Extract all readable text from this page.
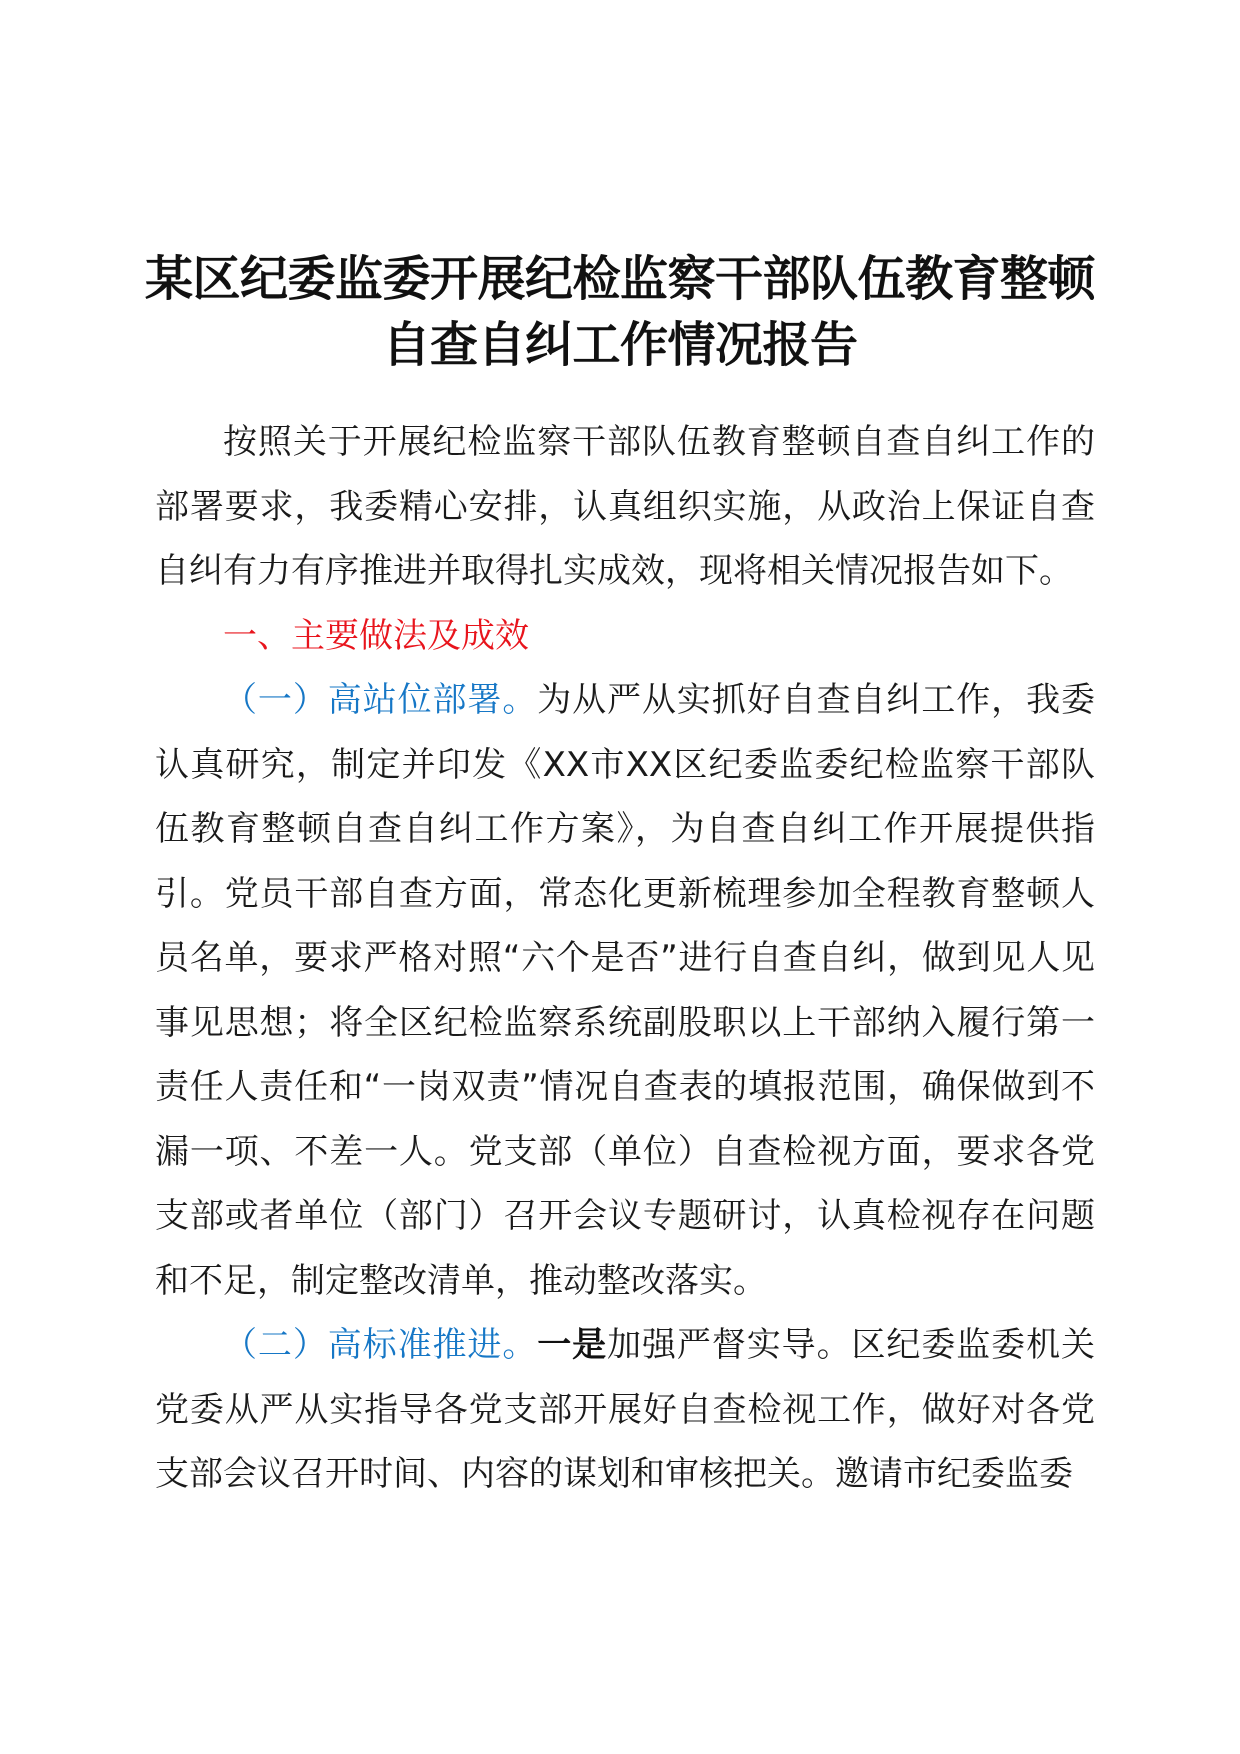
某区纪委监委开展纪检监察干部队伍教育整顿
自查自纠工作情况报告

按照关于开展纪检监察干部队伍教育整顿自查自纠工作的部署要求，我委精心安排，认真组织实施，从政治上保证自查自纠有力有序推进并取得扎实成效，现将相关情况报告如下。

一、主要做法及成效

（一）高站位部署。为从严从实抓好自查自纠工作，我委认真研究，制定并印发《XX市XX区纪委监委纪检监察干部队伍教育整顿自查自纠工作方案》，为自查自纠工作开展提供指引。党员干部自查方面，常态化更新梳理参加全程教育整顿人员名单，要求严格对照“六个是否”进行自查自纠，做到见人见事见思想；将全区纪检监察系统副股职以上干部纳入履行第一责任人责任和“一岗双责”情况自查表的填报范围，确保做到不漏一项、不差一人。党支部（单位）自查检视方面，要求各党支部或者单位（部门）召开会议专题研讨，认真检视存在问题和不足，制定整改清单，推动整改落实。

（二）高标准推进。一是加强严督实导。区纪委监委机关党委从严从实指导各党支部开展好自查检视工作，做好对各党支部会议召开时间、内容的谋划和审核把关。邀请市纪委监委
